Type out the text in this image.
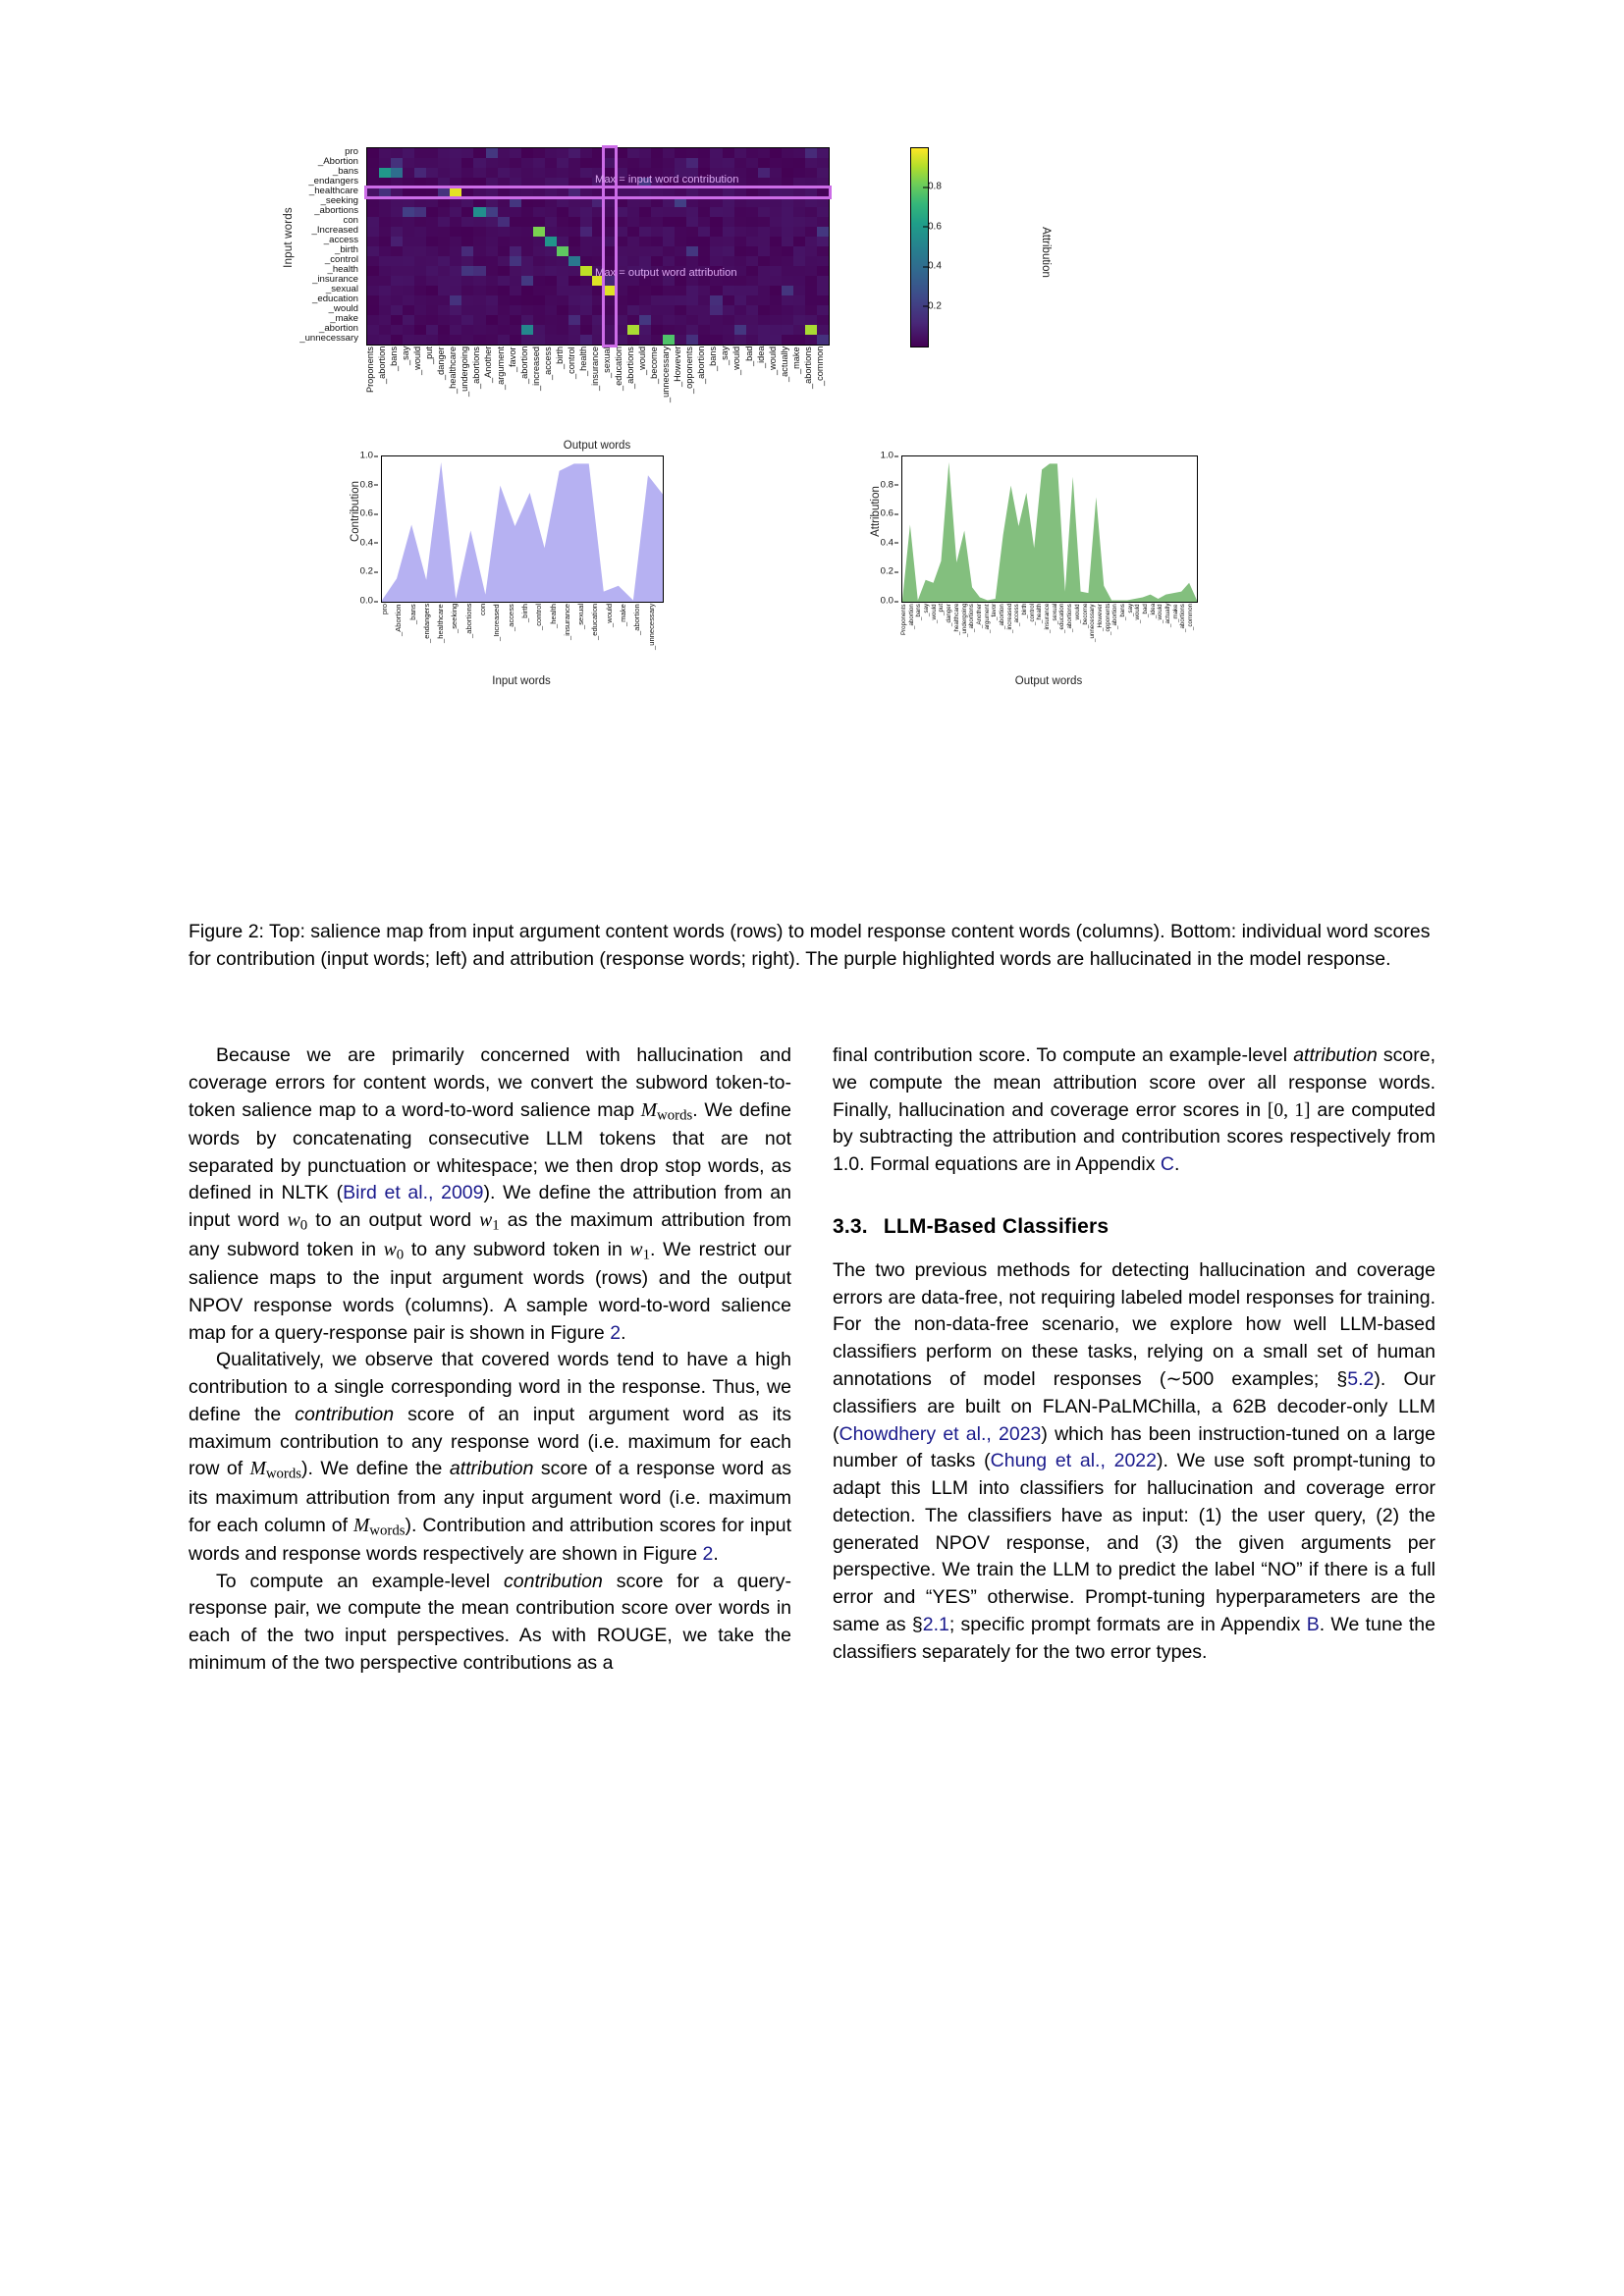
Input words
pro
_Abortion
_bans
_endangers
_healthcare
_seeking
_abortions
con
_Increased
_access
_birth
_control
_health
_insurance
_sexual
_education
_would
_make
_abortion
_unnecessary
Max = input word contribution
Max = output word attribution
Proponents _abortion _bans _say _would _put _danger _healthcare _undergoing _abortions _Another _argument _favor _abortion _increased _access _birth _control _health _insurance _sexual _education _abortions _would _become _unnecessary _However _opponents _abortion _bans _say _would _bad _idea _would _actually _make _abortions _common
Output words
0.8
0.6
0.4
0.2
Attribution
Contribution
0.0
0.2
0.4
0.6
0.8
1.0
pro _Abortion _bans _endangers _healthcare _seeking _abortions con _Increased _access _birth _control _health _insurance _sexual _education _would _make _abortion _unnecessary
Input words
Attribution
0.0
0.2
0.4
0.6
0.8
1.0
Proponents _abortion _bans _say _would _put _danger _healthcare _undergoing _abortions _Another _argument _favor _abortion _increased _access _birth _control _health _insurance _sexual _education _abortions _would _become _unnecessary _However _opponents _abortion _bans _say _would _bad _idea _would _actually _make _abortions _common
Output words
Figure 2: Top: salience map from input argument content words (rows) to model response content words (columns). Bottom: individual word scores for contribution (input words; left) and attribution (response words; right). The purple highlighted words are hallucinated in the model response.

Because we are primarily concerned with hallucination and coverage errors for content words, we convert the subword token-to-token salience map to a word-to-word salience map Mwords. We define words by concatenating consecutive LLM tokens that are not separated by punctuation or whitespace; we then drop stop words, as defined in NLTK (Bird et al., 2009). We define the attribution from an input word w0 to an output word w1 as the maximum attribution from any subword token in w0 to any subword token in w1. We restrict our salience maps to the input argument words (rows) and the output NPOV response words (columns). A sample word-to-word salience map for a query-response pair is shown in Figure 2.

Qualitatively, we observe that covered words tend to have a high contribution to a single corresponding word in the response. Thus, we define the contribution score of an input argument word as its maximum contribution to any response word (i.e. maximum for each row of Mwords). We define the attribution score of a response word as its maximum attribution from any input argument word (i.e. maximum for each column of Mwords). Contribution and attribution scores for input words and response words respectively are shown in Figure 2.

To compute an example-level contribution score for a query-response pair, we compute the mean contribution score over words in each of the two input perspectives. As with ROUGE, we take the minimum of the two perspective contributions as a

final contribution score. To compute an example-level attribution score, we compute the mean attribution score over all response words. Finally, hallucination and coverage error scores in [0, 1] are computed by subtracting the attribution and contribution scores respectively from 1.0. Formal equations are in Appendix C.

3.3. LLM-Based Classifiers

The two previous methods for detecting hallucination and coverage errors are data-free, not requiring labeled model responses for training. For the non-data-free scenario, we explore how well LLM-based classifiers perform on these tasks, relying on a small set of human annotations of model responses (∼500 examples; §5.2). Our classifiers are built on FLAN-PaLMChilla, a 62B decoder-only LLM (Chowdhery et al., 2023) which has been instruction-tuned on a large number of tasks (Chung et al., 2022). We use soft prompt-tuning to adapt this LLM into classifiers for hallucination and coverage error detection. The classifiers have as input: (1) the user query, (2) the generated NPOV response, and (3) the given arguments per perspective. We train the LLM to predict the label “NO” if there is a full error and “YES” otherwise. Prompt-tuning hyperparameters are the same as §2.1; specific prompt formats are in Appendix B. We tune the classifiers separately for the two error types.
